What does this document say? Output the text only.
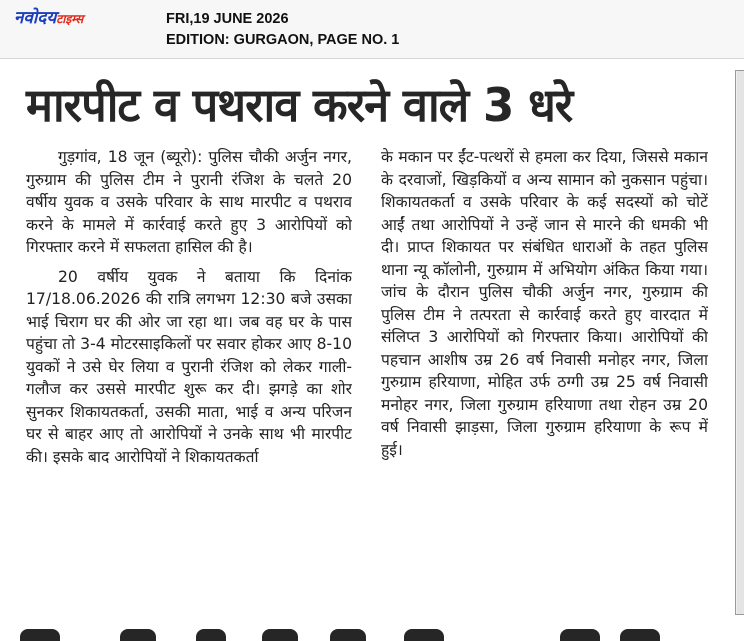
नवोदयटाइम्स	FRI,19 JUNE 2026
EDITION: GURGAON, PAGE NO. 1
मारपीट व पथराव करने वाले 3 धरे

गुड़गांव, 18 जून (ब्यूरो): पुलिस चौकी अर्जुन नगर, गुरुग्राम की पुलिस टीम ने पुरानी रंजिश के चलते 20 वर्षीय युवक व उसके परिवार के साथ मारपीट व पथराव करने के मामले में कार्रवाई करते हुए 3 आरोपियों को गिरफ्तार करने में सफलता हासिल की है।

20 वर्षीय युवक ने बताया कि दिनांक 17/18.06.2026 की रात्रि लगभग 12:30 बजे उसका भाई चिराग घर की ओर जा रहा था। जब वह घर के पास पहुंचा तो 3-4 मोटरसाइकिलों पर सवार होकर आए 8-10 युवकों ने उसे घेर लिया व पुरानी रंजिश को लेकर गाली-गलौज कर उससे मारपीट शुरू कर दी। झगड़े का शोर सुनकर शिकायतकर्ता, उसकी माता, भाई व अन्य परिजन घर से बाहर आए तो आरोपियों ने उनके साथ भी मारपीट की। इसके बाद आरोपियों ने शिकायतकर्ता

के मकान पर ईंट-पत्थरों से हमला कर दिया, जिससे मकान के दरवाजों, खिड़कियों व अन्य सामान को नुकसान पहुंचा। शिकायतकर्ता व उसके परिवार के कई सदस्यों को चोटें आईं तथा आरोपियों ने उन्हें जान से मारने की धमकी भी दी। प्राप्त शिकायत पर संबंधित धाराओं के तहत पुलिस थाना न्यू कॉलोनी, गुरुग्राम में अभियोग अंकित किया गया। जांच के दौरान पुलिस चौकी अर्जुन नगर, गुरुग्राम की पुलिस टीम ने तत्परता से कार्रवाई करते हुए वारदात में संलिप्त 3 आरोपियों को गिरफ्तार किया। आरोपियों की पहचान आशीष उम्र 26 वर्ष निवासी मनोहर नगर, जिला गुरुग्राम हरियाणा, मोहित उर्फ ठग्गी उम्र 25 वर्ष निवासी मनोहर नगर, जिला गुरुग्राम हरियाणा तथा रोहन उम्र 20 वर्ष निवासी झाड़सा, जिला गुरुग्राम हरियाणा के रूप में हुई।
